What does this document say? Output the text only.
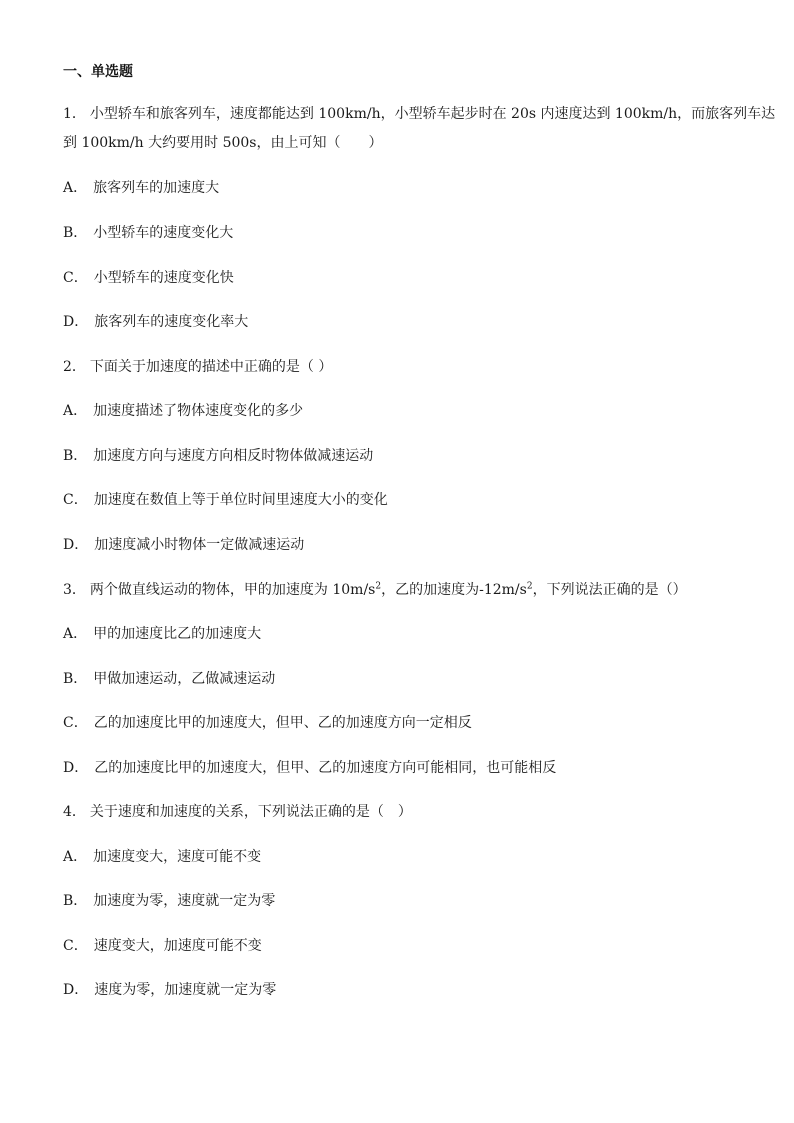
一、单选题
1． 小型轿车和旅客列车，速度都能达到 100km/h，小型轿车起步时在 20s 内速度达到 100km/h，而旅客列车达
到 100km/h 大约要用时 500s，由上可知（　　）
A． 旅客列车的加速度大
B． 小型轿车的速度变化大
C． 小型轿车的速度变化快
D． 旅客列车的速度变化率大
2． 下面关于加速度的描述中正确的是（ ）
A． 加速度描述了物体速度变化的多少
B． 加速度方向与速度方向相反时物体做减速运动
C． 加速度在数值上等于单位时间里速度大小的变化
D． 加速度减小时物体一定做减速运动
3． 两个做直线运动的物体，甲的加速度为 $10m/s^2$，乙的加速度为$-12m/s^2$，下列说法正确的是（）
A． 甲的加速度比乙的加速度大
B． 甲做加速运动，乙做减速运动
C． 乙的加速度比甲的加速度大，但甲、乙的加速度方向一定相反
D． 乙的加速度比甲的加速度大，但甲、乙的加速度方向可能相同，也可能相反
4． 关于速度和加速度的关系，下列说法正确的是（　）
A． 加速度变大，速度可能不变
B． 加速度为零，速度就一定为零
C． 速度变大，加速度可能不变
D． 速度为零，加速度就一定为零
